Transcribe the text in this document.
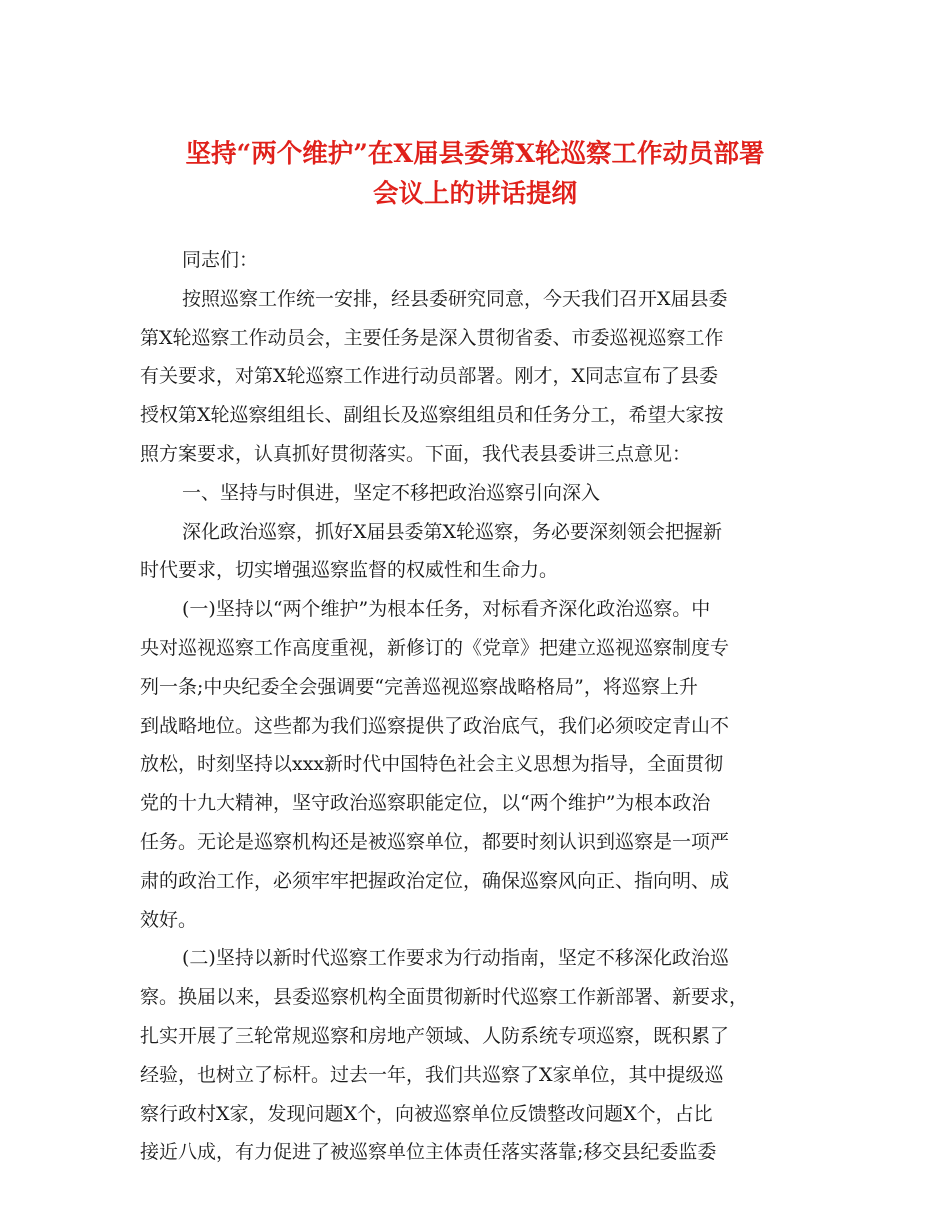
坚持“两个维护”在X届县委第X轮巡察工作动员部署
会议上的讲话提纲

同志们：

按照巡察工作统一安排，经县委研究同意，今天我们召开X届县委

第X轮巡察工作动员会，主要任务是深入贯彻省委、市委巡视巡察工作

有关要求，对第X轮巡察工作进行动员部署。刚才，X同志宣布了县委

授权第X轮巡察组组长、副组长及巡察组组员和任务分工，希望大家按

照方案要求，认真抓好贯彻落实。下面，我代表县委讲三点意见：

一、坚持与时俱进，坚定不移把政治巡察引向深入

深化政治巡察，抓好X届县委第X轮巡察，务必要深刻领会把握新

时代要求，切实增强巡察监督的权威性和生命力。

(一)坚持以“两个维护”为根本任务，对标看齐深化政治巡察。中

央对巡视巡察工作高度重视，新修订的《党章》把建立巡视巡察制度专

列一条;中央纪委全会强调要“完善巡视巡察战略格局”，将巡察上升

到战略地位。这些都为我们巡察提供了政治底气，我们必须咬定青山不

放松，时刻坚持以xxx新时代中国特色社会主义思想为指导，全面贯彻

党的十九大精神，坚守政治巡察职能定位，以“两个维护”为根本政治

任务。无论是巡察机构还是被巡察单位，都要时刻认识到巡察是一项严

肃的政治工作，必须牢牢把握政治定位，确保巡察风向正、指向明、成

效好。

(二)坚持以新时代巡察工作要求为行动指南，坚定不移深化政治巡

察。换届以来，县委巡察机构全面贯彻新时代巡察工作新部署、新要求，

扎实开展了三轮常规巡察和房地产领域、人防系统专项巡察，既积累了

经验，也树立了标杆。过去一年，我们共巡察了X家单位，其中提级巡

察行政村X家，发现问题X个，向被巡察单位反馈整改问题X个，占比

接近八成，有力促进了被巡察单位主体责任落实落靠;移交县纪委监委
